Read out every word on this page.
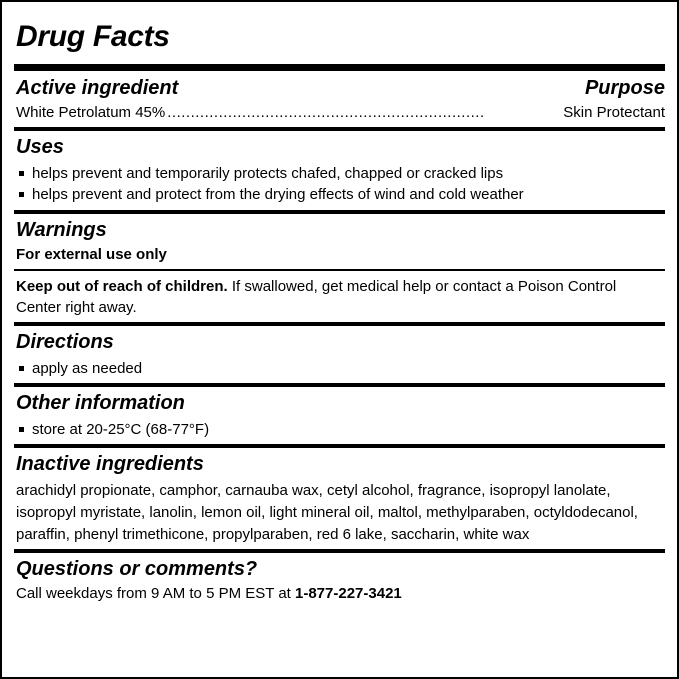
Drug Facts
Active ingredient	Purpose
White Petrolatum 45% ....................................................................	Skin Protectant
Uses
helps prevent and temporarily protects chafed, chapped or cracked lips
helps prevent and protect from the drying effects of wind and cold weather
Warnings
For external use only
Keep out of reach of children. If swallowed, get medical help or contact a Poison Control Center right away.
Directions
apply as needed
Other information
store at 20-25°C (68-77°F)
Inactive ingredients
arachidyl propionate, camphor, carnauba wax, cetyl alcohol, fragrance, isopropyl lanolate, isopropyl myristate, lanolin, lemon oil, light mineral oil, maltol, methylparaben, octyldodecanol, paraffin, phenyl trimethicone, propylparaben, red 6 lake, saccharin, white wax
Questions or comments?
Call weekdays from 9 AM to 5 PM EST at 1-877-227-3421
